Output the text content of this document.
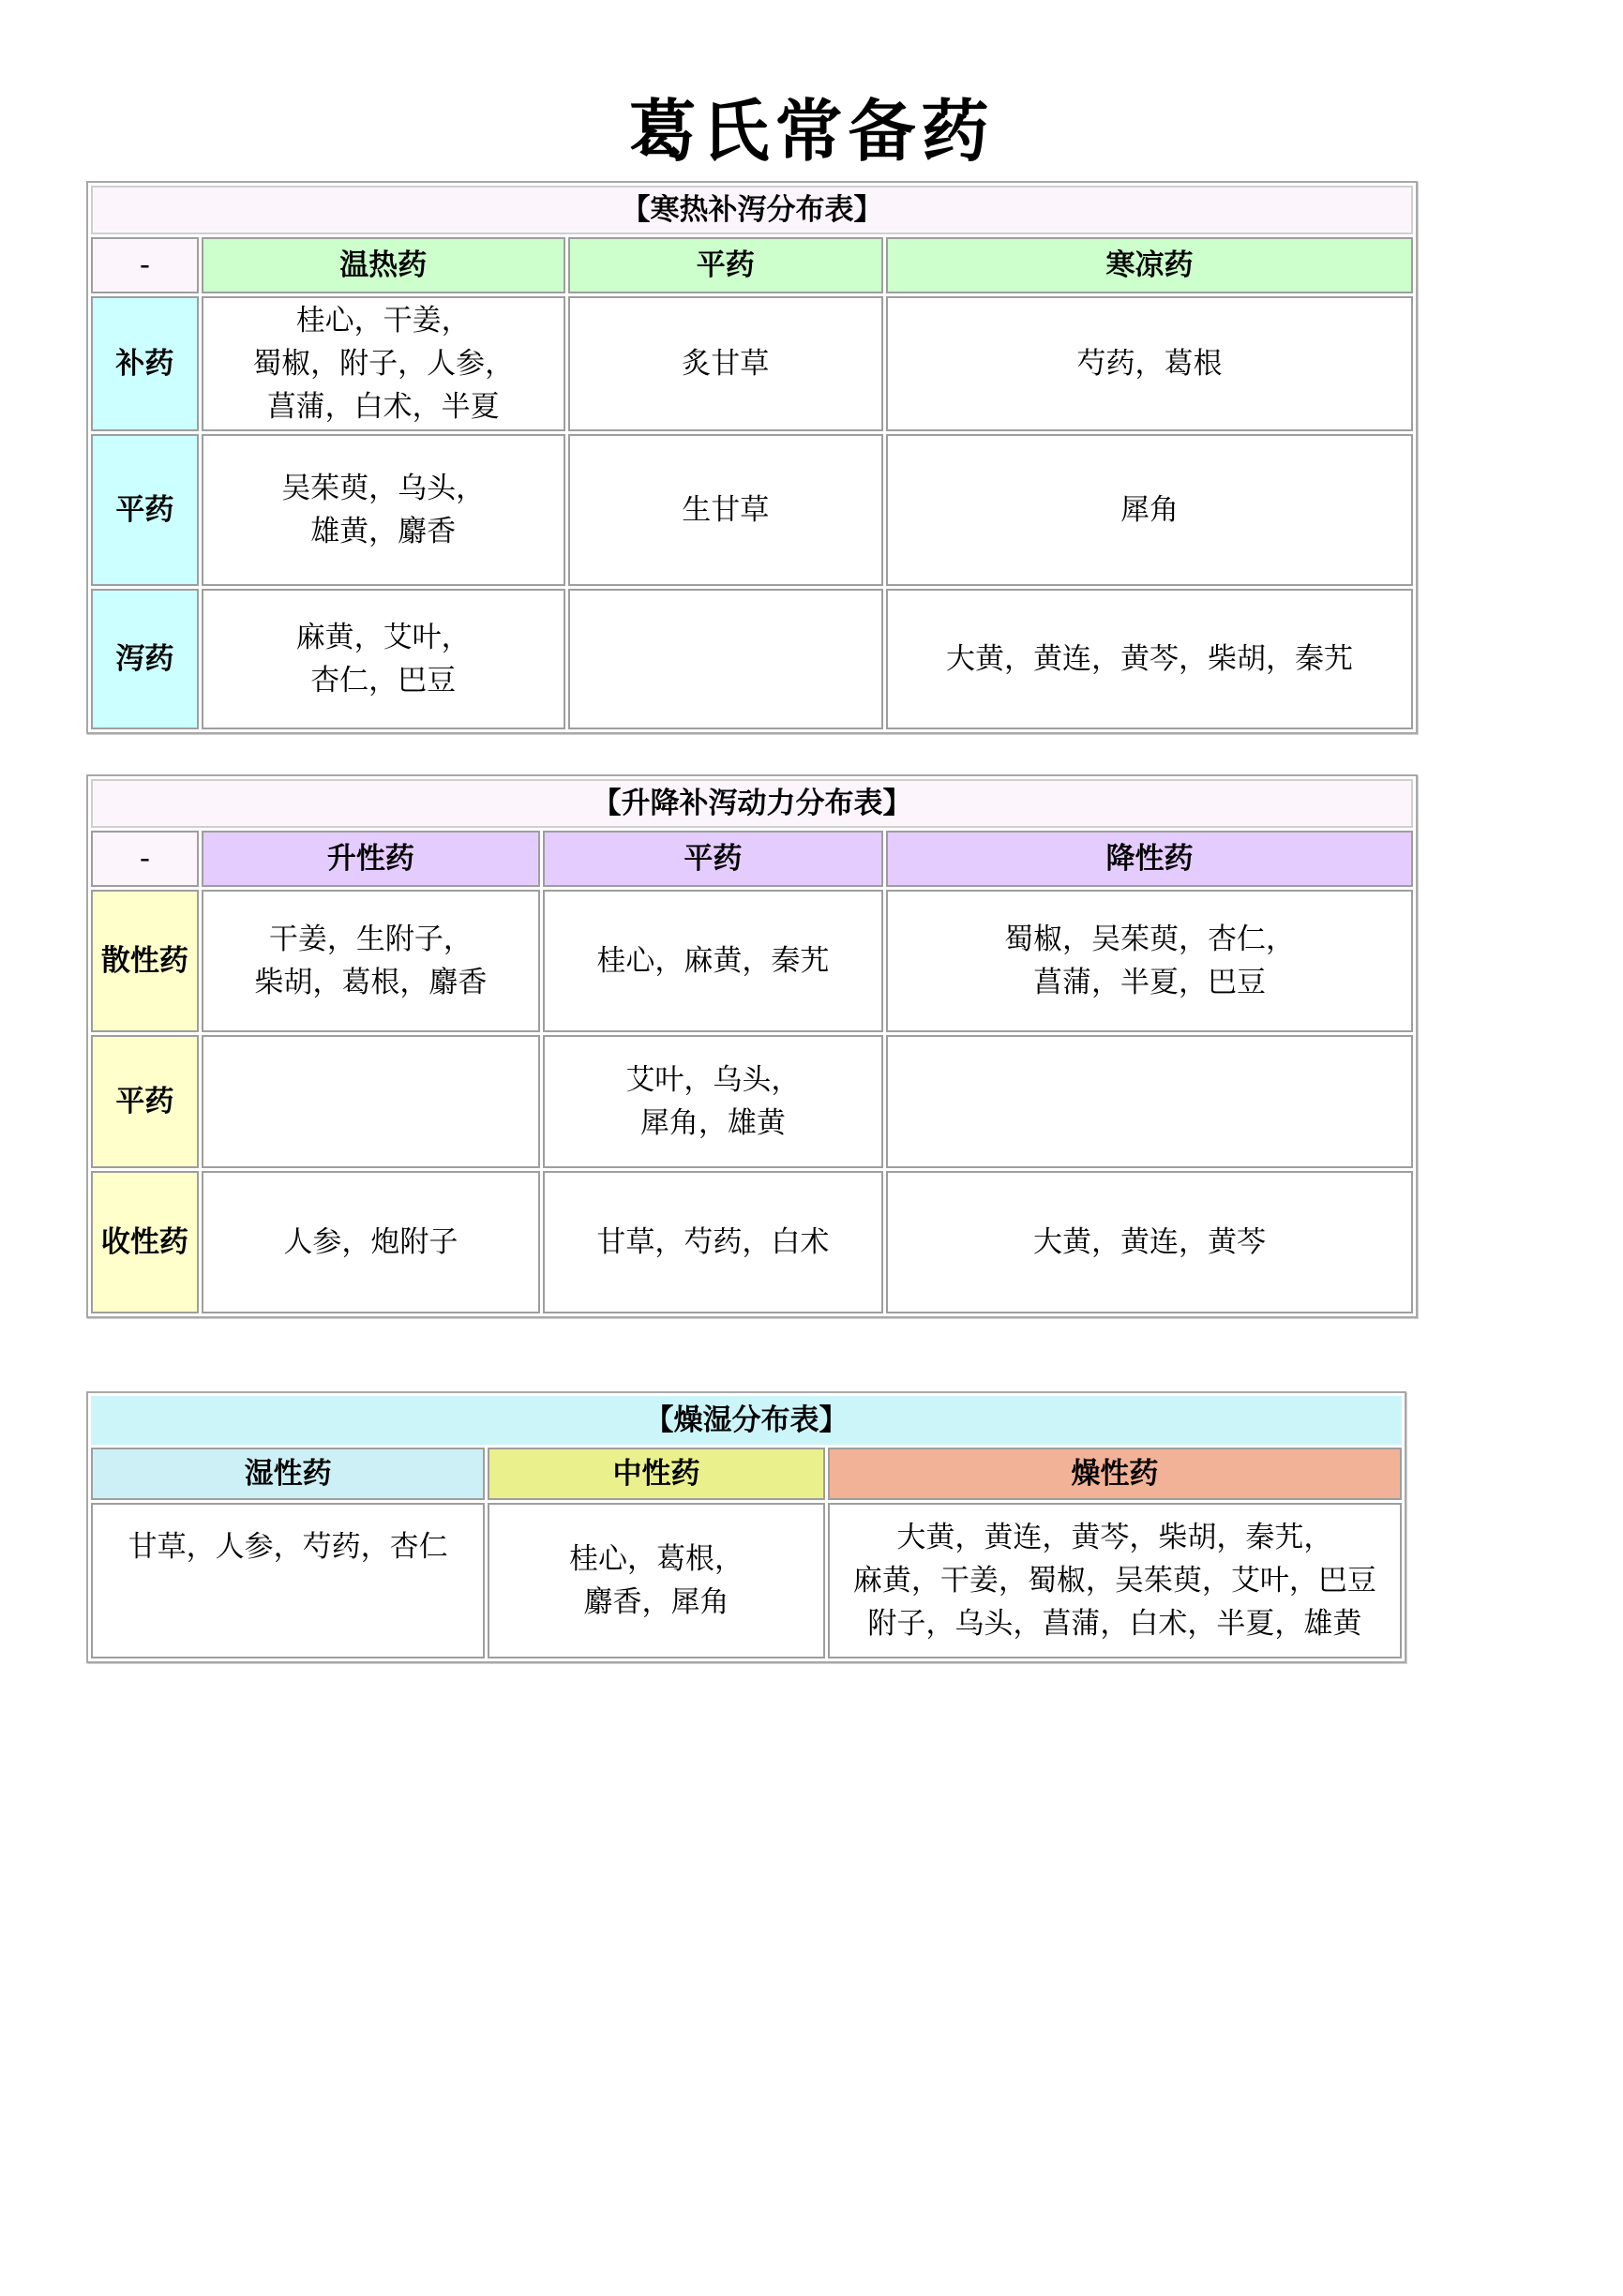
葛氏常备药
【寒热补泻分布表】			
-	温热药	平药	寒凉药
补药	桂心，干姜，
蜀椒，附子，人参，
菖蒲，白术，半夏	炙甘草	芍药，葛根

平药	吴茱萸，乌头，
雄黄，麝香	生甘草	犀角

泻药	麻黄，艾叶，
杏仁，巴豆		大黄，黄连，黄芩，柴胡，秦艽
【升降补泻动力分布表】			
-	升性药	平药	降性药
散性药	干姜，生附子，
柴胡，葛根，麝香	桂心，麻黄，秦艽	蜀椒，吴茱萸，杏仁，
菖蒲，半夏，巴豆

平药		艾叶，乌头，
犀角，雄黄	

收性药	人参，炮附子	甘草，芍药，白术	大黄，黄连，黄芩
【燥湿分布表】		
湿性药	中性药	燥性药

甘草，人参，芍药，杏仁	桂心，葛根，
麝香，犀角	大黄，黄连，黄芩，柴胡，秦艽，
麻黄，干姜，蜀椒，吴茱萸，艾叶，巴豆
附子，乌头，菖蒲，白术，半夏，雄黄
